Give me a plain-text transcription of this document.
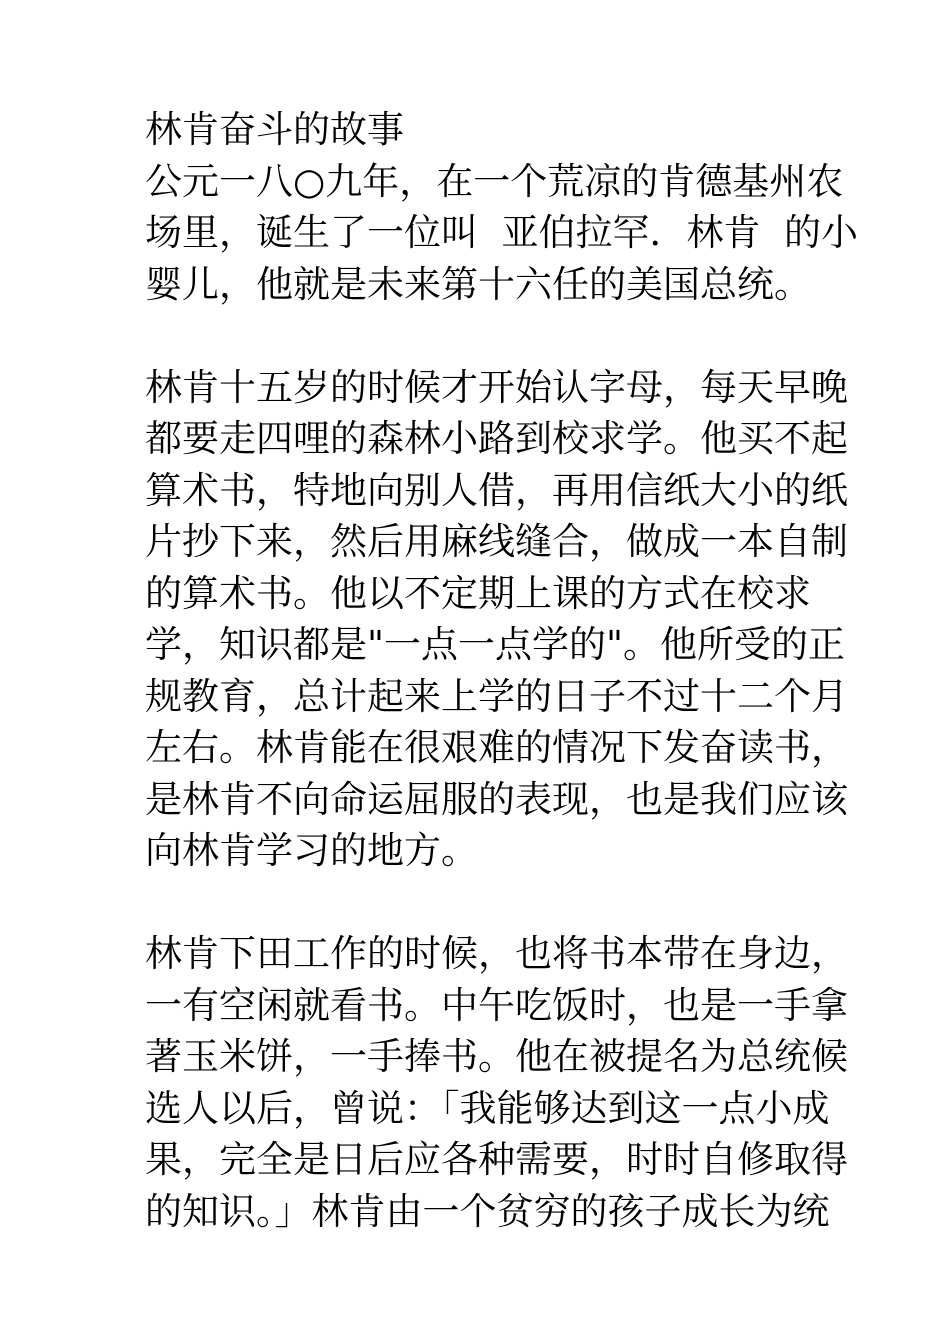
林肯奋斗的故事
公元一八○九年，在一个荒凉的肯德基州农
场里，诞生了一位叫  亚伯拉罕．林肯  的小
婴儿，他就是未来第十六任的美国总统。
林肯十五岁的时候才开始认字母，每天早晚
都要走四哩的森林小路到校求学。他买不起
算术书，特地向别人借，再用信纸大小的纸
片抄下来，然后用麻线缝合，做成一本自制
的算术书。他以不定期上课的方式在校求
学，知识都是"一点一点学的"。他所受的正
规教育，总计起来上学的日子不过十二个月
左右。林肯能在很艰难的情况下发奋读书，
是林肯不向命运屈服的表现，也是我们应该
向林肯学习的地方。
林肯下田工作的时候，也将书本带在身边，
一有空闲就看书。中午吃饭时，也是一手拿
著玉米饼，一手捧书。他在被提名为总统候
选人以后，曾说：「我能够达到这一点小成
果，完全是日后应各种需要，时时自修取得
的知识。」林肯由一个贫穷的孩子成长为统
